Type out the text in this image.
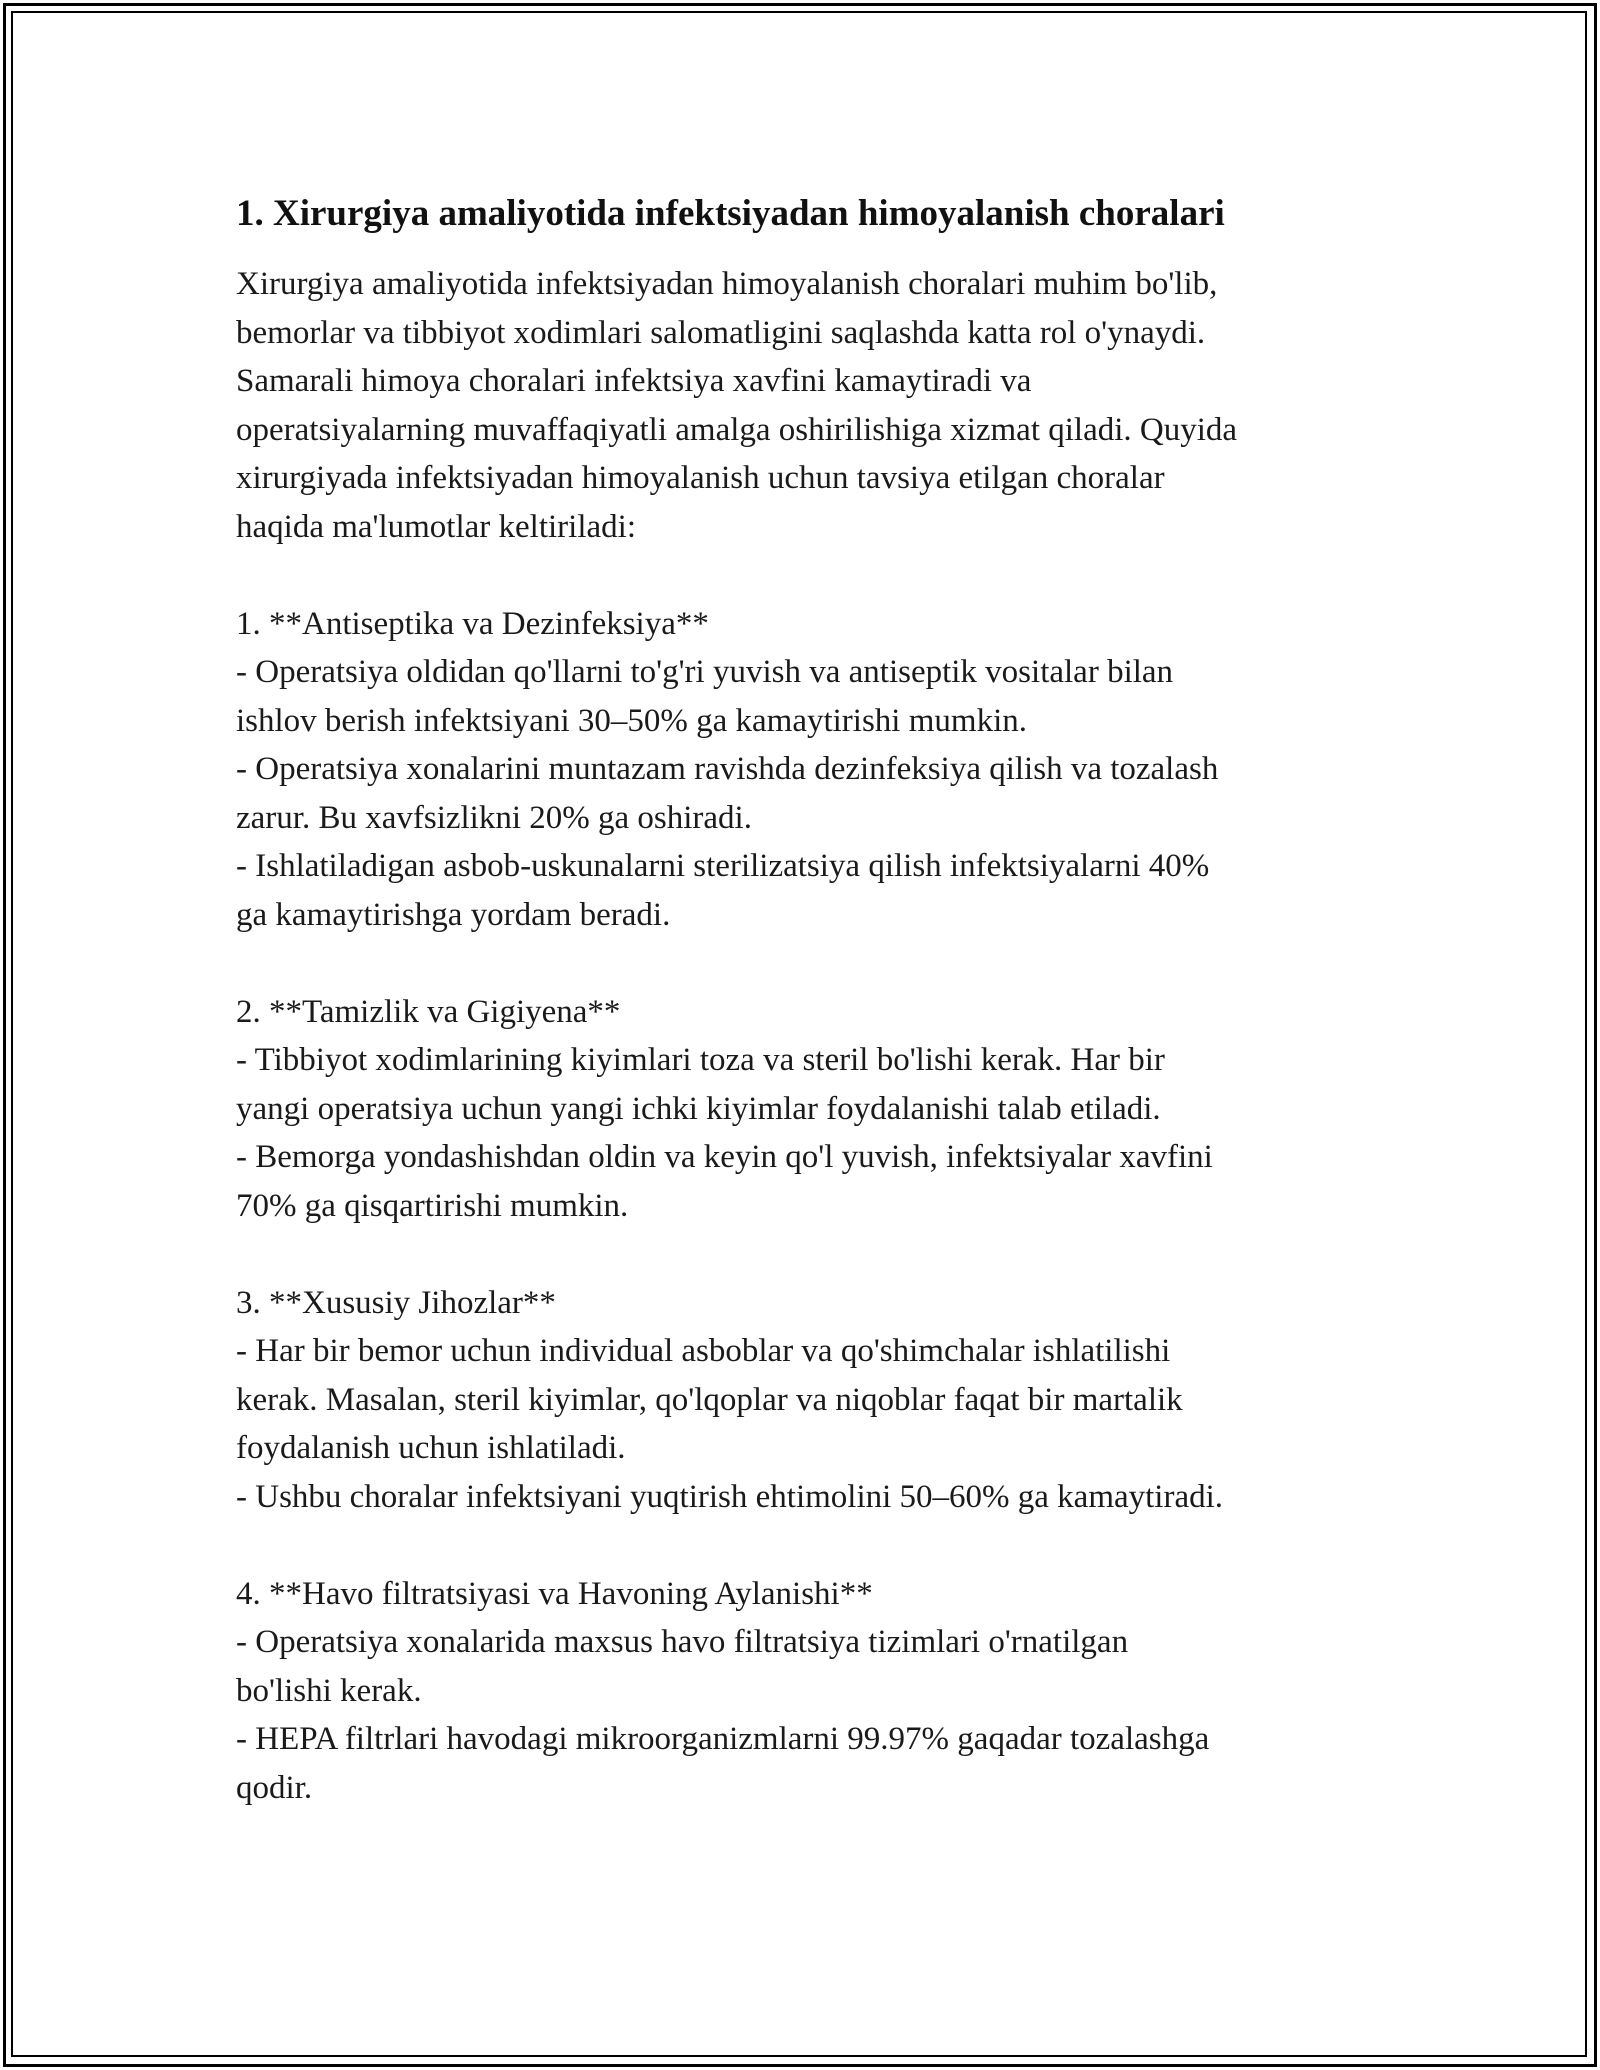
1. Xirurgiya amaliyotida infektsiyadan himoyalanish choralari
Xirurgiya amaliyotida infektsiyadan himoyalanish choralari muhim bo'lib,
bemorlar va tibbiyot xodimlari salomatligini saqlashda katta rol o'ynaydi.
Samarali himoya choralari infektsiya xavfini kamaytiradi va
operatsiyalarning muvaffaqiyatli amalga oshirilishiga xizmat qiladi. Quyida
xirurgiyada infektsiyadan himoyalanish uchun tavsiya etilgan choralar
haqida ma'lumotlar keltiriladi:
1. **Antiseptika va Dezinfeksiya**
- Operatsiya oldidan qo'llarni to'g'ri yuvish va antiseptik vositalar bilan
ishlov berish infektsiyani 30–50% ga kamaytirishi mumkin.
- Operatsiya xonalarini muntazam ravishda dezinfeksiya qilish va tozalash
zarur. Bu xavfsizlikni 20% ga oshiradi.
- Ishlatiladigan asbob-uskunalarni sterilizatsiya qilish infektsiyalarni 40%
ga kamaytirishga yordam beradi.
2. **Tamizlik va Gigiyena**
- Tibbiyot xodimlarining kiyimlari toza va steril bo'lishi kerak. Har bir
yangi operatsiya uchun yangi ichki kiyimlar foydalanishi talab etiladi.
- Bemorga yondashishdan oldin va keyin qo'l yuvish, infektsiyalar xavfini
70% ga qisqartirishi mumkin.
3. **Xususiy Jihozlar**
- Har bir bemor uchun individual asboblar va qo'shimchalar ishlatilishi
kerak. Masalan, steril kiyimlar, qo'lqoplar va niqoblar faqat bir martalik
foydalanish uchun ishlatiladi.
- Ushbu choralar infektsiyani yuqtirish ehtimolini 50–60% ga kamaytiradi.
4. **Havo filtratsiyasi va Havoning Aylanishi**
- Operatsiya xonalarida maxsus havo filtratsiya tizimlari o'rnatilgan
bo'lishi kerak.
- HEPA filtrlari havodagi mikroorganizmlarni 99.97% gaqadar tozalashga
qodir.
